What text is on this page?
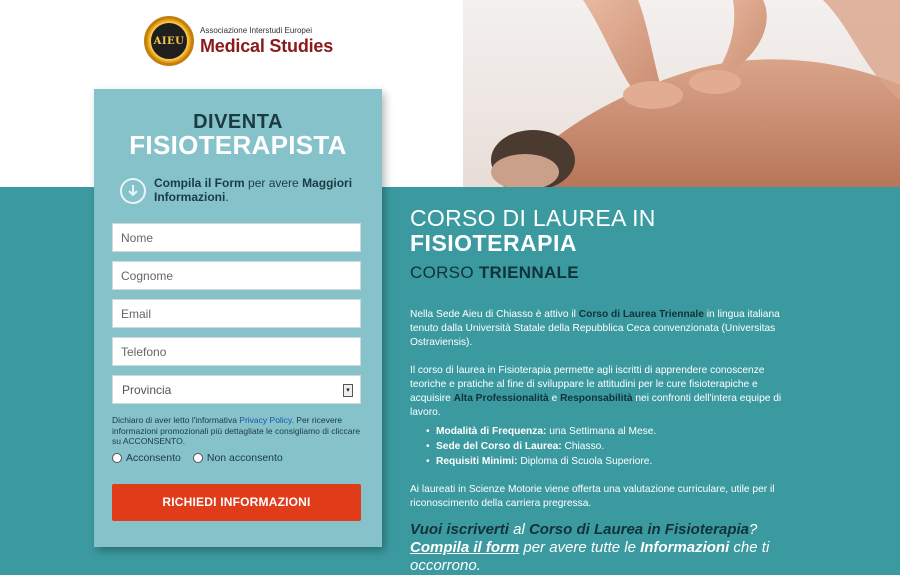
AIEU
Associazione Interstudi Europei
Medical Studies
DIVENTA
FISIOTERAPISTA
Compila il Form per avere Maggiori Informazioni.
Nome
Cognome
Email
Telefono
Provincia	▾
Dichiaro di aver letto l'informativa Privacy Policy. Per ricevere informazioni promozionali più dettagliate le consigliamo di cliccare su ACCONSENTO.
Acconsento Non acconsento
RICHIEDI INFORMAZIONI
CORSO DI LAUREA IN
FISIOTERAPIA
CORSO TRIENNALE
Nella Sede Aieu di Chiasso è attivo il Corso di Laurea Triennale in lingua italiana tenuto dalla Università Statale della Repubblica Ceca convenzionata (Universitas Ostraviensis).
Il corso di laurea in Fisioterapia permette agli iscritti di apprendere conoscenze teoriche e pratiche al fine di sviluppare le attitudini per le cure fisioterapiche e acquisire Alta Professionalità e Responsabilità nei confronti dell'intera equipe di lavoro.
• Modalità di Frequenza: una Settimana al Mese.
• Sede del Corso di Laurea: Chiasso.
• Requisiti Minimi: Diploma di Scuola Superiore.
Ai laureati in Scienze Motorie viene offerta una valutazione curriculare, utile per il riconoscimento della carriera pregressa.
Vuoi iscriverti al Corso di Laurea in Fisioterapia?
Compila il form per avere tutte le Informazioni che ti occorrono.
